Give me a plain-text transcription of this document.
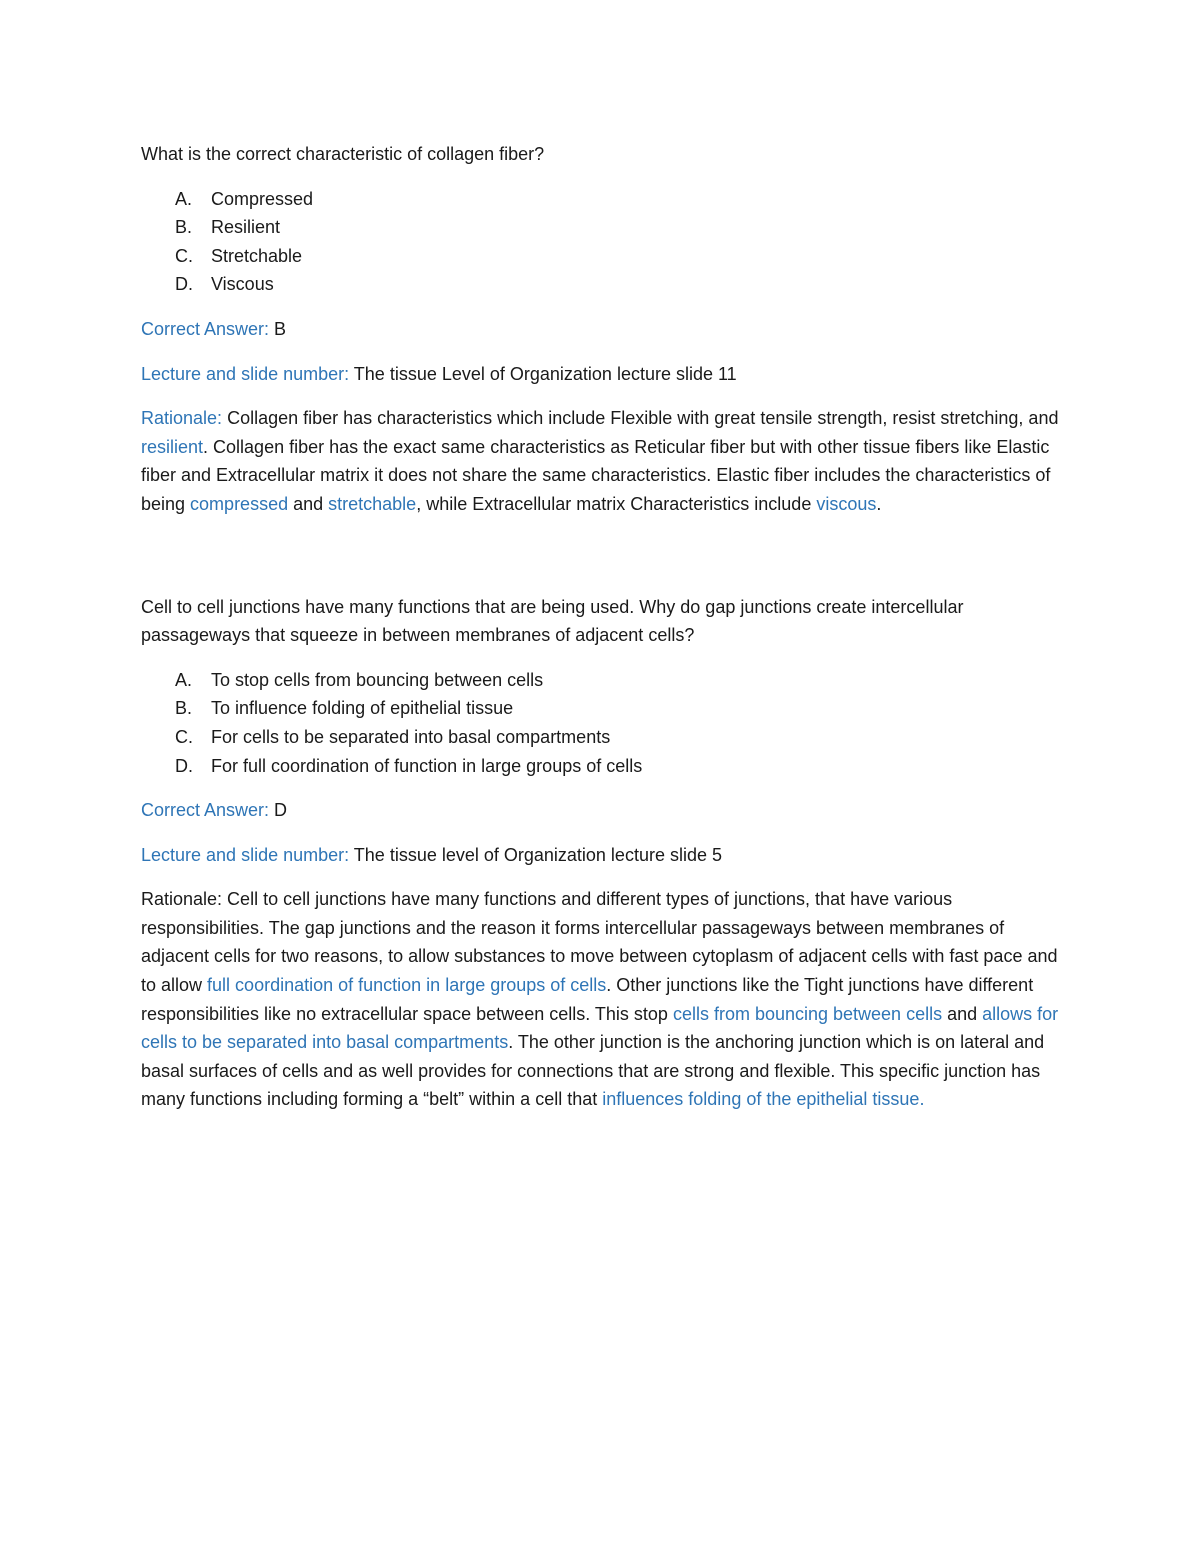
What is the correct characteristic of collagen fiber?

A.	Compressed
B.	Resilient
C.	Stretchable
D.	Viscous

Correct Answer: B

Lecture and slide number: The tissue Level of Organization lecture slide 11

Rationale: Collagen fiber has characteristics which include Flexible with great tensile strength, resist stretching, and resilient. Collagen fiber has the exact same characteristics as Reticular fiber but with other tissue fibers like Elastic fiber and Extracellular matrix it does not share the same characteristics. Elastic fiber includes the characteristics of being compressed and stretchable, while Extracellular matrix Characteristics include viscous.

Cell to cell junctions have many functions that are being used. Why do gap junctions create intercellular passageways that squeeze in between membranes of adjacent cells?

A.	To stop cells from bouncing between cells
B.	To influence folding of epithelial tissue
C.	For cells to be separated into basal compartments
D.	For full coordination of function in large groups of cells

Correct Answer: D

Lecture and slide number: The tissue level of Organization lecture slide 5

Rationale: Cell to cell junctions have many functions and different types of junctions, that have various responsibilities. The gap junctions and the reason it forms intercellular passageways between membranes of adjacent cells for two reasons, to allow substances to move between cytoplasm of adjacent cells with fast pace and to allow full coordination of function in large groups of cells. Other junctions like the Tight junctions have different responsibilities like no extracellular space between cells. This stop cells from bouncing between cells and allows for cells to be separated into basal compartments. The other junction is the anchoring junction which is on lateral and basal surfaces of cells and as well provides for connections that are strong and flexible. This specific junction has many functions including forming a “belt” within a cell that influences folding of the epithelial tissue.
